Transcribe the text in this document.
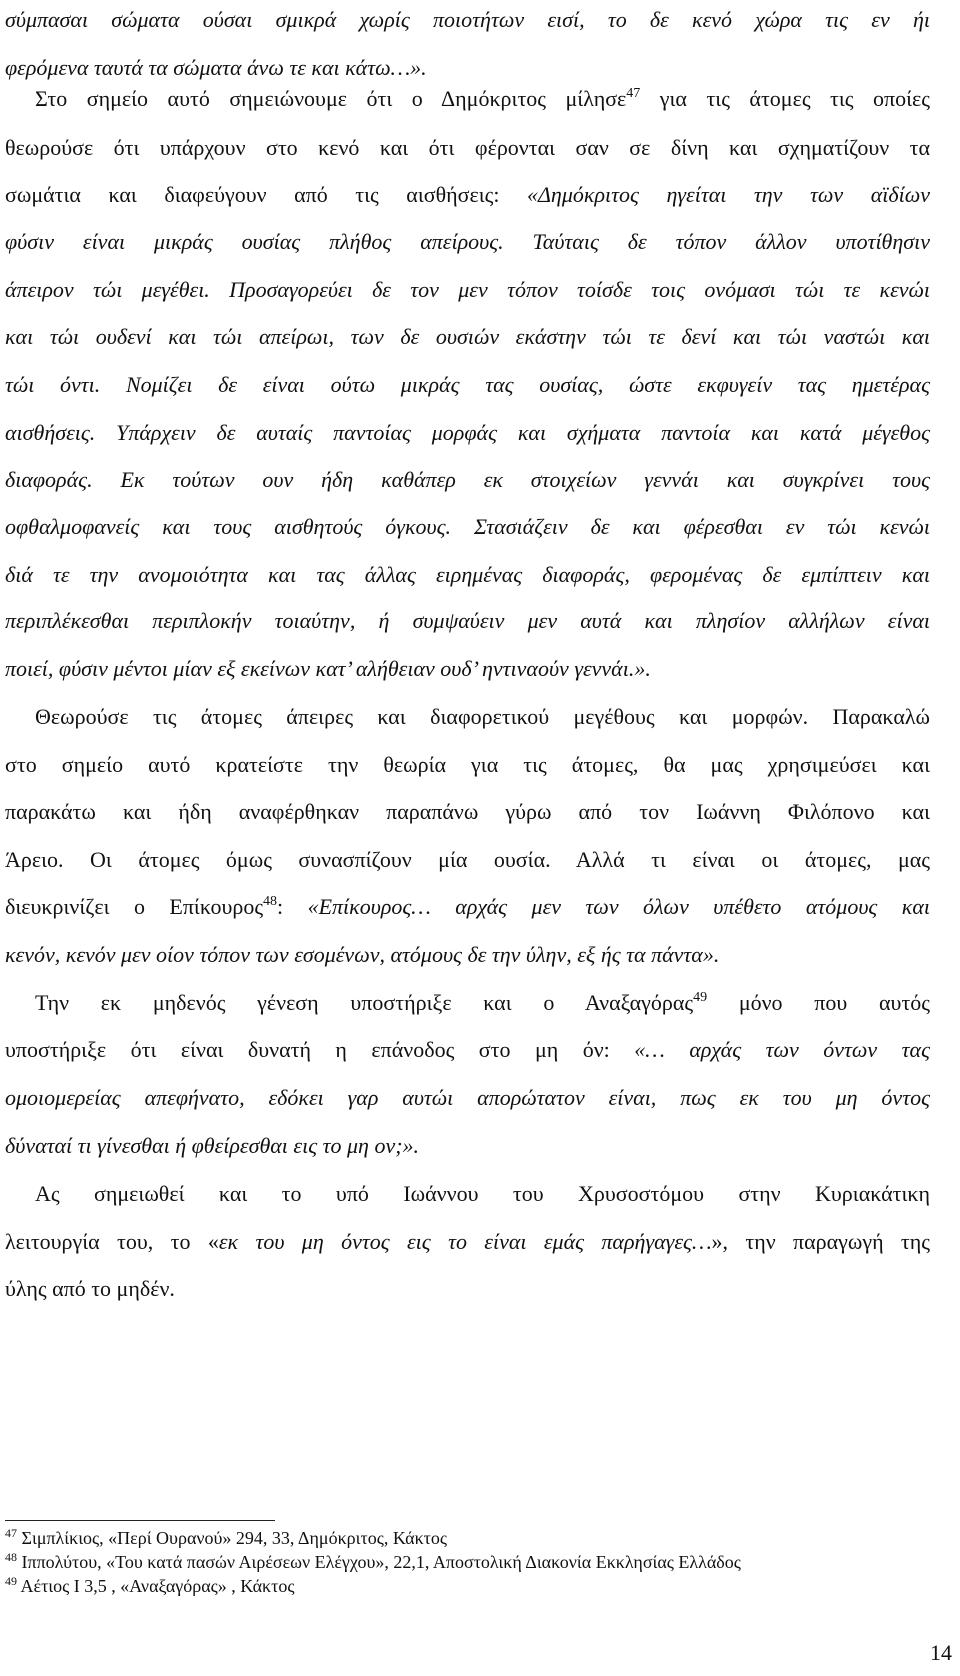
σύμπασαι σώματα ούσαι σμικρά χωρίς ποιοτήτων εισί, το δε κενό χώρα τις εν ήι
φερόμενα ταυτά τα σώματα άνω τε και κάτω…».
Στο σημείο αυτό σημειώνουμε ότι ο Δημόκριτος μίλησε$^{47}$ για τις άτομες τις οποίες
θεωρούσε ότι υπάρχουν στο κενό και ότι φέρονται σαν σε δίνη και σχηματίζουν τα
σωμάτια και διαφεύγουν από τις αισθήσεις: «Δημόκριτος ηγείται την των αϊδίων
φύσιν είναι μικράς ουσίας πλήθος απείρους. Ταύταις δε τόπον άλλον υποτίθησιν
άπειρον τώι μεγέθει. Προσαγορεύει δε τον μεν τόπον τοίσδε τοις ονόμασι τώι τε κενώι
και τώι ουδενί και τώι απείρωι, των δε ουσιών εκάστην τώι τε δενί και τώι ναστώι και
τώι όντι. Νομίζει δε είναι ούτω μικράς τας ουσίας, ώστε εκφυγείν τας ημετέρας
αισθήσεις. Υπάρχειν δε αυταίς παντοίας μορφάς και σχήματα παντοία και κατά μέγεθος
διαφοράς. Εκ τούτων ουν ήδη καθάπερ εκ στοιχείων γεννάι και συγκρίνει τους
οφθαλμοφανείς και τους αισθητούς όγκους. Στασιάζειν δε και φέρεσθαι εν τώι κενώι
διά τε την ανομοιότητα και τας άλλας ειρημένας διαφοράς, φερομένας δε εμπίπτειν και
περιπλέκεσθαι περιπλοκήν τοιαύτην, ή συμψαύειν μεν αυτά και πλησίον αλλήλων είναι
ποιεί, φύσιν μέντοι μίαν εξ εκείνων κατ’ αλήθειαν ουδ’ ηντιναούν γεννάι.».
Θεωρούσε τις άτομες άπειρες και διαφορετικού μεγέθους και μορφών. Παρακαλώ
στο σημείο αυτό κρατείστε την θεωρία για τις άτομες, θα μας χρησιμεύσει και
παρακάτω και ήδη αναφέρθηκαν παραπάνω γύρω από τον Ιωάννη Φιλόπονο και
Άρειο. Οι άτομες όμως συνασπίζουν μία ουσία. Αλλά τι είναι οι άτομες, μας
διευκρινίζει ο Επίκουρος$^{48}$: «Επίκουρος… αρχάς μεν των όλων υπέθετο ατόμους και
κενόν, κενόν μεν οίον τόπον των εσομένων, ατόμους δε την ύλην, εξ ής τα πάντα».
Την εκ μηδενός γένεση υποστήριξε και ο Αναξαγόρας$^{49}$ μόνο που αυτός
υποστήριξε ότι είναι δυνατή η επάνοδος στο μη όν: «… αρχάς των όντων τας
ομοιομερείας απεφήνατο, εδόκει γαρ αυτώι απορώτατον είναι, πως εκ του μη όντος
δύναταί τι γίνεσθαι ή φθείρεσθαι εις το μη ον;».
Ας σημειωθεί και το υπό Ιωάννου του Χρυσοστόμου στην Κυριακάτικη
λειτουργία του, το «εκ του μη όντος εις το είναι εμάς παρήγαγες…», την παραγωγή της
ύλης από το μηδέν.
$^{47}$ Σιμπλίκιος, «Περί Ουρανού» 294, 33, Δημόκριτος, Κάκτος
$^{48}$ Ιππολύτου, «Του κατά πασών Αιρέσεων Ελέγχου», 22,1, Αποστολική Διακονία Εκκλησίας Ελλάδος
$^{49}$ Αέτιος Ι 3,5 , «Αναξαγόρας» , Κάκτος
14
